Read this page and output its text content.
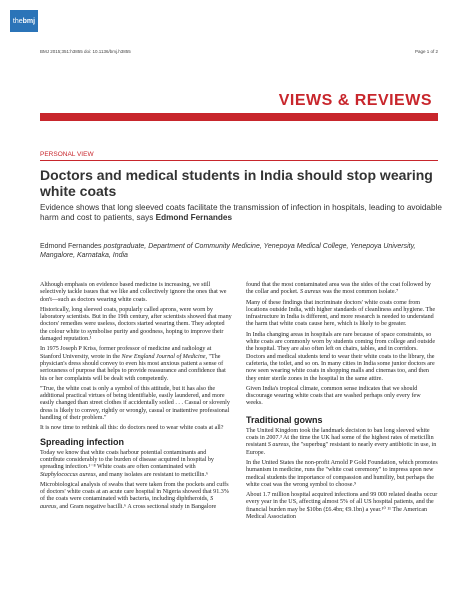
the bmj
BMJ 2015;351:h3855 doi: 10.1136/bmj.h3855	Page 1 of 2
VIEWS & REVIEWS
PERSONAL VIEW
Doctors and medical students in India should stop wearing white coats

Evidence shows that long sleeved coats facilitate the transmission of infection in hospitals, leading to avoidable harm and cost to patients, says Edmond Fernandes

Edmond Fernandes postgraduate, Department of Community Medicine, Yenepoya Medical College, Yenepoya University, Mangalore, Karnataka, India

Although emphasis on evidence based medicine is increasing, we still selectively tackle issues that we like and collectively ignore the ones that we don't—such as doctors wearing white coats.

Historically, long sleeved coats, popularly called aprons, were worn by laboratory scientists. But in the 19th century, after scientists showed that many doctors' remedies were useless, doctors started wearing them. They adopted the colour white to symbolise purity and goodness, hoping to improve their damaged reputation.¹

In 1975 Joseph P Kriss, former professor of medicine and radiology at Stanford University, wrote in the New England Journal of Medicine, "The physician's dress should convey to even his most anxious patient a sense of seriousness of purpose that helps to provide reassurance and confidence that his or her complaints will be dealt with competently.

"True, the white coat is only a symbol of this attitude, but it has also the additional practical virtues of being identifiable, easily laundered, and more easily changed than street clothes if accidentally soiled . . . Casual or slovenly dress is likely to convey, rightly or wrongly, casual or inattentive professional handling of their problem."

It is now time to rethink all this: do doctors need to wear white coats at all?

Spreading infection

Today we know that white coats harbour potential contaminants and contribute considerably to the burden of disease acquired in hospital by spreading infection.¹⁻⁸ White coats are often contaminated with Staphylococcus aureus, and many isolates are resistant to meticillin.⁶

Microbiological analysis of swabs that were taken from the pockets and cuffs of doctors' white coats at an acute care hospital in Nigeria showed that 91.3% of the coats were contaminated with bacteria, including diphtheroids, S aureus, and Gram negative bacilli.⁶ A cross sectional study in Bangalore

found that the most contaminated area was the sides of the coat followed by the collar and pocket. S aureus was the most common isolate.⁷

Many of these findings that incriminate doctors' white coats come from locations outside India, with higher standards of cleanliness and hygiene. The infrastructure in India is different, and more research is needed to understand the harm that white coats cause here, which is likely to be greater.

In India changing areas in hospitals are rare because of space constraints, so white coats are commonly worn by students coming from college and outside the hospital. They are also often left on chairs, tables, and in corridors. Doctors and medical students tend to wear their white coats to the library, the cafeteria, the toilet, and so on. In many cities in India some junior doctors are now seen wearing white coats in shopping malls and cinemas too, and then they enter sterile zones in the hospital in the same attire.

Given India's tropical climate, common sense indicates that we should discourage wearing white coats that are washed perhaps only every few weeks.

Traditional gowns

The United Kingdom took the landmark decision to ban long sleeved white coats in 2007.³ At the time the UK had some of the highest rates of meticillin resistant S aureus, the "superbug" resistant to nearly every antibiotic in use, in Europe.

In the United States the non-profit Arnold P Gold Foundation, which promotes humanism in medicine, runs the "white coat ceremony" to impress upon new medical students the importance of compassion and humility, but perhaps the white coat was the wrong symbol to choose.⁹

About 1.7 million hospital acquired infections and 99 000 related deaths occur every year in the US, affecting almost 5% of all US hospital patients, and the financial burden may be $10bn (£6.4bn; €9.1bn) a year.¹⁰ ¹¹ The American Medical Association
